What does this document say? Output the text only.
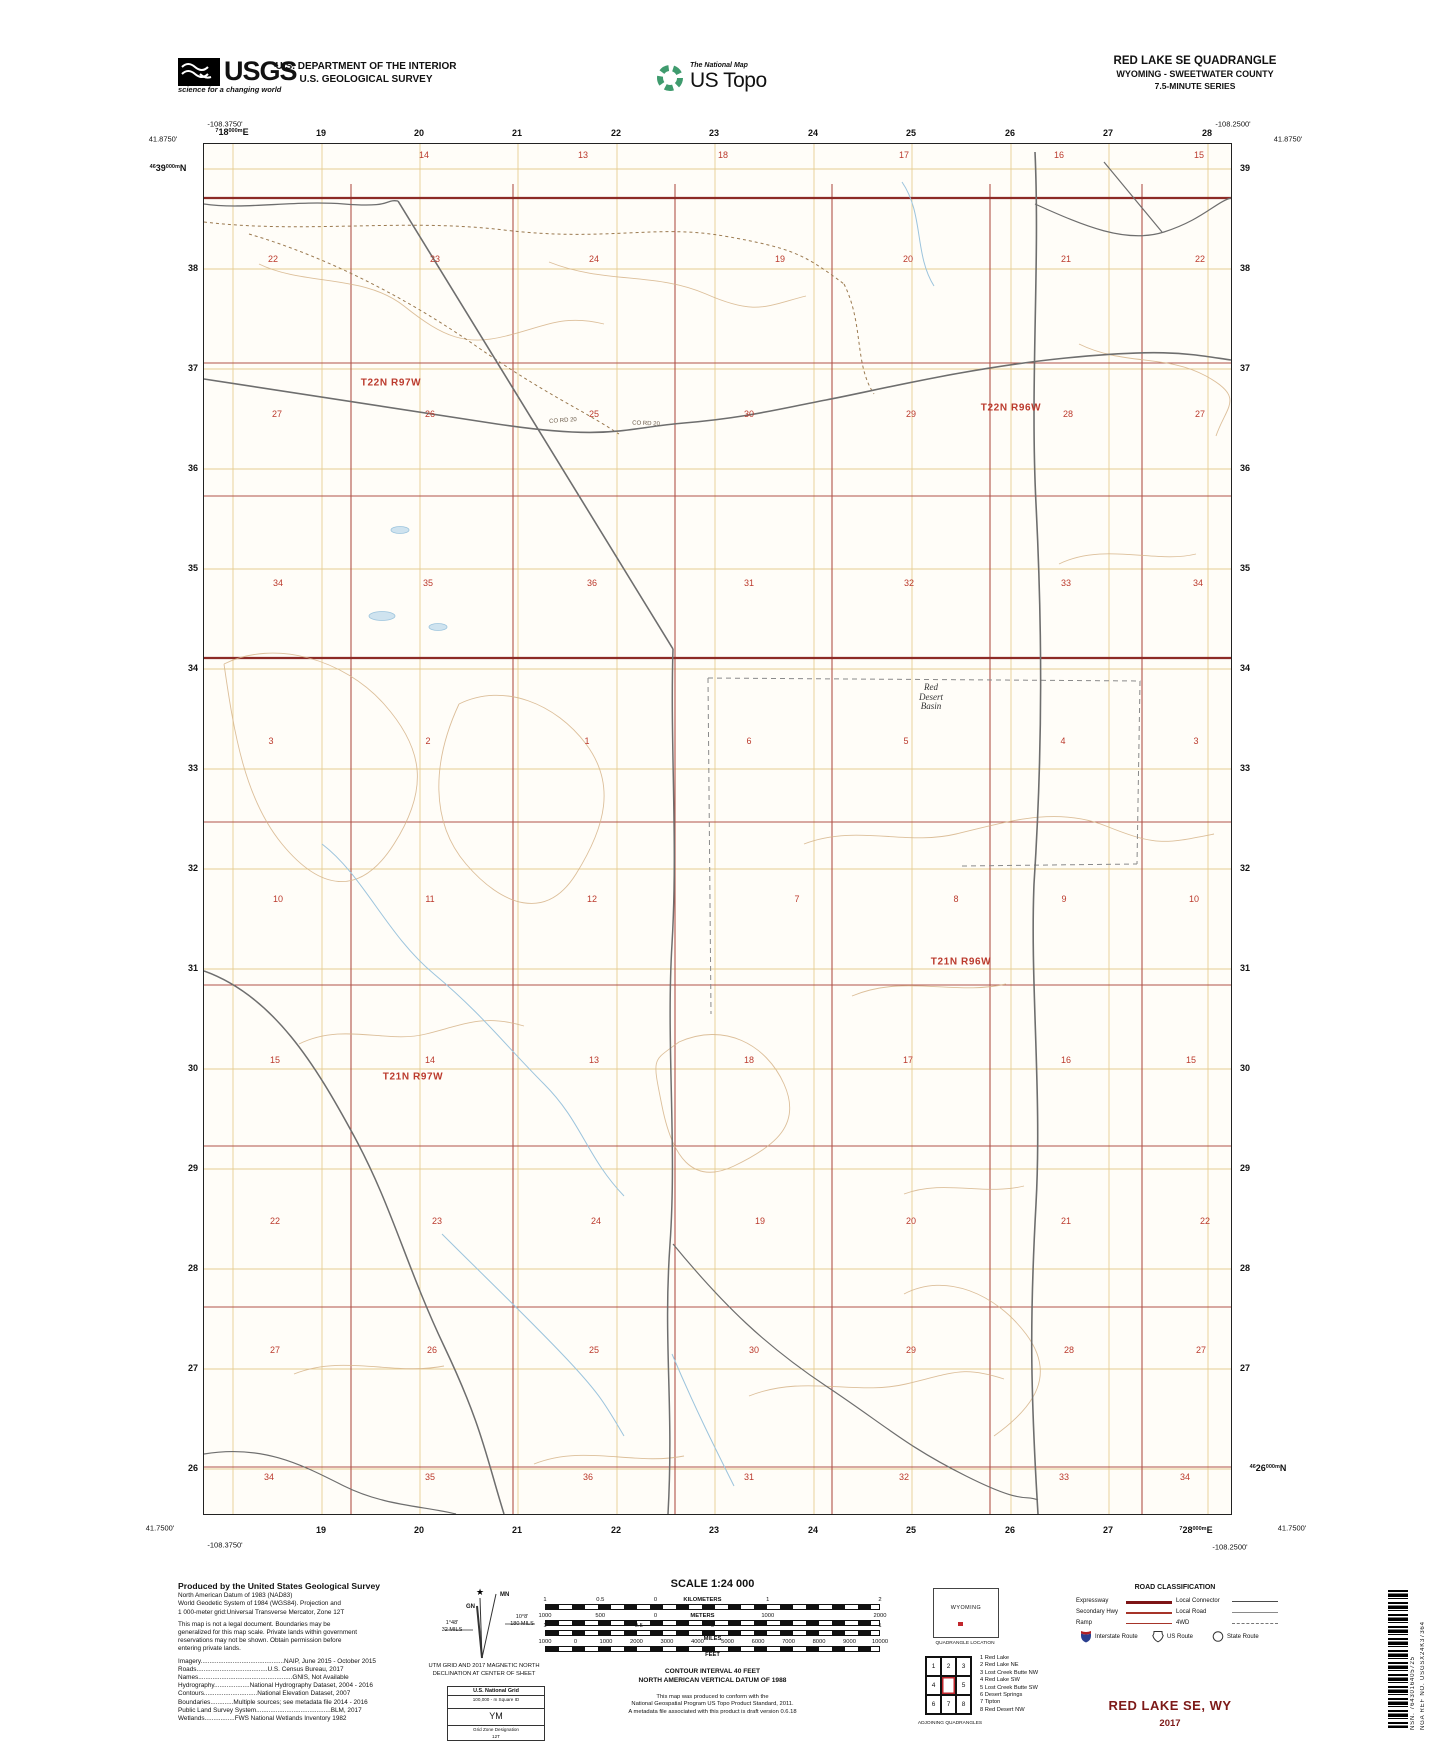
USGS
science for a changing world
U.S. DEPARTMENT OF THE INTERIOR
U.S. GEOLOGICAL SURVEY
The National Map
US Topo
RED LAKE SE QUADRANGLE
WYOMING - SWEETWATER COUNTY
7.5-MINUTE SERIES
19	20	21	22	23	24	25	26	27	28
19	20	21	22	23	24	25	26	27
38
37
36
35
34
33
32
31
30
29
28
27
26
39
38
37
36
35
34
33
32
31
30
29
28
27
$^718^{000m}E$
$^{46}39^{000m}N$
$^{46}26^{000m}N$
$^728^{000m}E$
-108.3750'
41.8750'
-108.2500'
41.8750'
41.7500'
-108.3750'	-108.2500'
41.7500'
14	13	18	17	16	15
22	23	24	19	20	21	22
27	26	25	30	29	28	27
34	35	36	31	32	33	34
3	2	1	6	5	4	3
10	11	12	7	8	9	10
15	14	13	18	17	16	15
22	23	24	19	20	21	22
27	26	25	30	29	28	27
34	35	36	31	32	33	34
T22N R97W
T22N R96W
T21N R96W
T21N R97W
Red
Desert
Basin
CO RD 20	CO RD 20
Produced by the United States Geological Survey
North American Datum of 1983 (NAD83)
World Geodetic System of 1984 (WGS84). Projection and
1 000-meter grid:Universal Transverse Mercator, Zone 12T
This map is not a legal document. Boundaries may be
generalized for this map scale. Private lands within government
reservations may not be shown. Obtain permission before
entering private lands.
Imagery...............................................NAIP, June 2015 - October 2015
Roads........................................U.S. Census Bureau, 2017
Names.....................................................GNIS, Not Available
Hydrography....................National Hydrography Dataset, 2004 - 2016
Contours..............................National Elevation Dataset, 2007
Boundaries.............Multiple sources; see metadata file 2014 - 2016
Public Land Survey System..........................................BLM, 2017
Wetlands.................FWS National Wetlands Inventory 1982
★
GN
MN
1°48'
32 MILS
10°8'
180 MILS
UTM GRID AND 2017 MAGNETIC NORTH
DECLINATION AT CENTER OF SHEET
U.S. National Grid
100,000 - m Square ID
YM
Grid Zone Designation
12T
SCALE 1:24 000
1	0.5	0	1	2
KILOMETERS
1000	500	0	1000	2000
METERS
1	0.5	0	1
MILES
1000	0	1000	2000	3000	4000	5000	6000	7000	8000	9000	10000
FEET
CONTOUR INTERVAL 40 FEET
NORTH AMERICAN VERTICAL DATUM OF 1988
This map was produced to conform with the
National Geospatial Program US Topo Product Standard, 2011.
A metadata file associated with this product is draft version 0.6.18
WYOMING
QUADRANGLE LOCATION
1	2	3
4	5
6	7	8
1 Red Lake
2 Red Lake NE
3 Lost Creek Butte NW
4 Red Lake SW
5 Lost Creek Butte SW
6 Desert Springs
7 Tipton
8 Red Desert NW
ADJOINING QUADRANGLES
ROAD CLASSIFICATION
Expressway
Secondary Hwy
Ramp
Local Connector
Local Road
4WD
Interstate Route	US Route	State Route
RED LAKE SE, WY
2017	NSN. 7643016405725 NGA REF NO. USGSX24K37364
